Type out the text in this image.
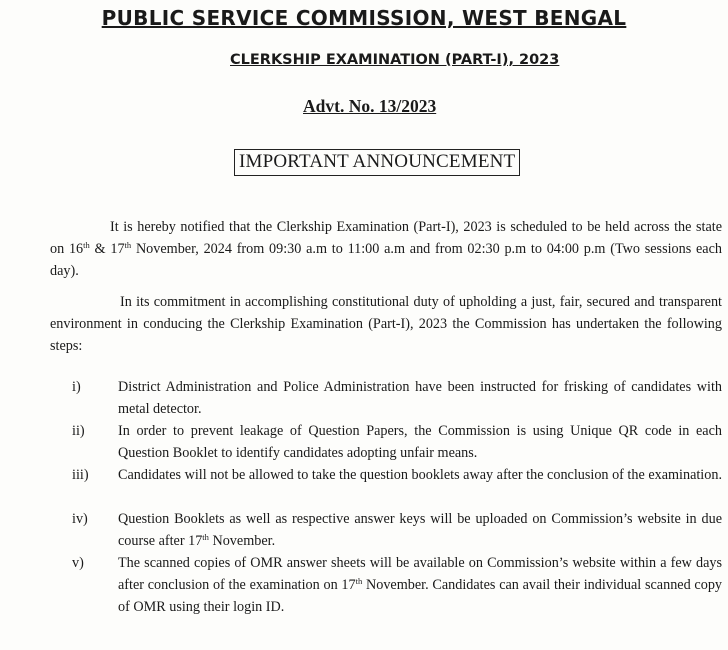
PUBLIC SERVICE COMMISSION, WEST BENGAL
CLERKSHIP EXAMINATION (PART-I), 2023
Advt. No. 13/2023
IMPORTANT ANNOUNCEMENT

It is hereby notified that the Clerkship Examination (Part-I), 2023 is scheduled to be held across the state on 16th & 17th November, 2024 from 09:30 a.m to 11:00 a.m and from 02:30 p.m to 04:00 p.m (Two sessions each day).

In its commitment in accomplishing constitutional duty of upholding a just, fair, secured and transparent environment in conducing the Clerkship Examination (Part-I), 2023 the Commission has undertaken the following steps:

i)	District Administration and Police Administration have been instructed for frisking of candidates with metal detector.
ii) In order to prevent leakage of Question Papers, the Commission is using Unique QR code in each Question Booklet to identify candidates adopting unfair means.
iii) Candidates will not be allowed to take the question booklets away after the conclusion of the examination.
iv) Question Booklets as well as respective answer keys will be uploaded on Commission’s website in due course after 17th November.
v) The scanned copies of OMR answer sheets will be available on Commission’s website within a few days after conclusion of the examination on 17th November. Candidates can avail their individual scanned copy of OMR using their login ID.
